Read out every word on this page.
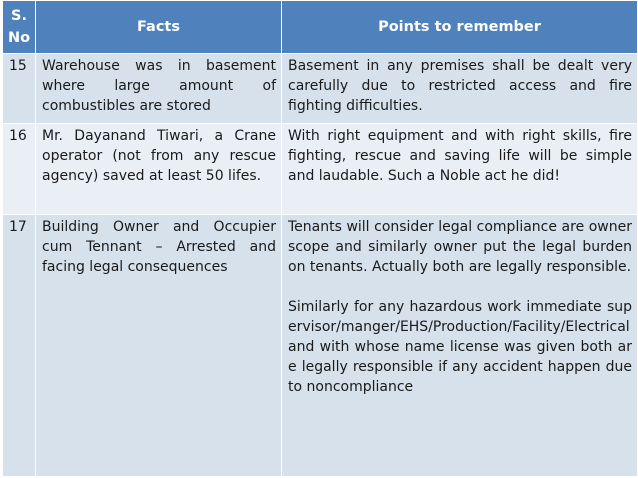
S. No	Facts	Points to remember
15	Warehouse was in basement where large amount of combustibles are stored	Basement in any premises shall be dealt very carefully due to restricted access and fire fighting difficulties.

16	Mr. Dayanand Tiwari, a Crane operator (not from any rescue agency) saved at least 50 lifes.	With right equipment and with right skills, fire fighting, rescue and saving life will be simple and laudable. Such a Noble act he did!

17	Building Owner and Occupier cum Tennant – Arrested and facing legal consequences	Tenants will consider legal compliance are owner scope and similarly owner put the legal burden on tenants. Actually both are legally responsible.
Similarly for any hazardous work immediate supervisor/manger/EHS/Production/Facility/Electrical and with whose name license was given both are legally responsible if any accident happen due to noncompliance
